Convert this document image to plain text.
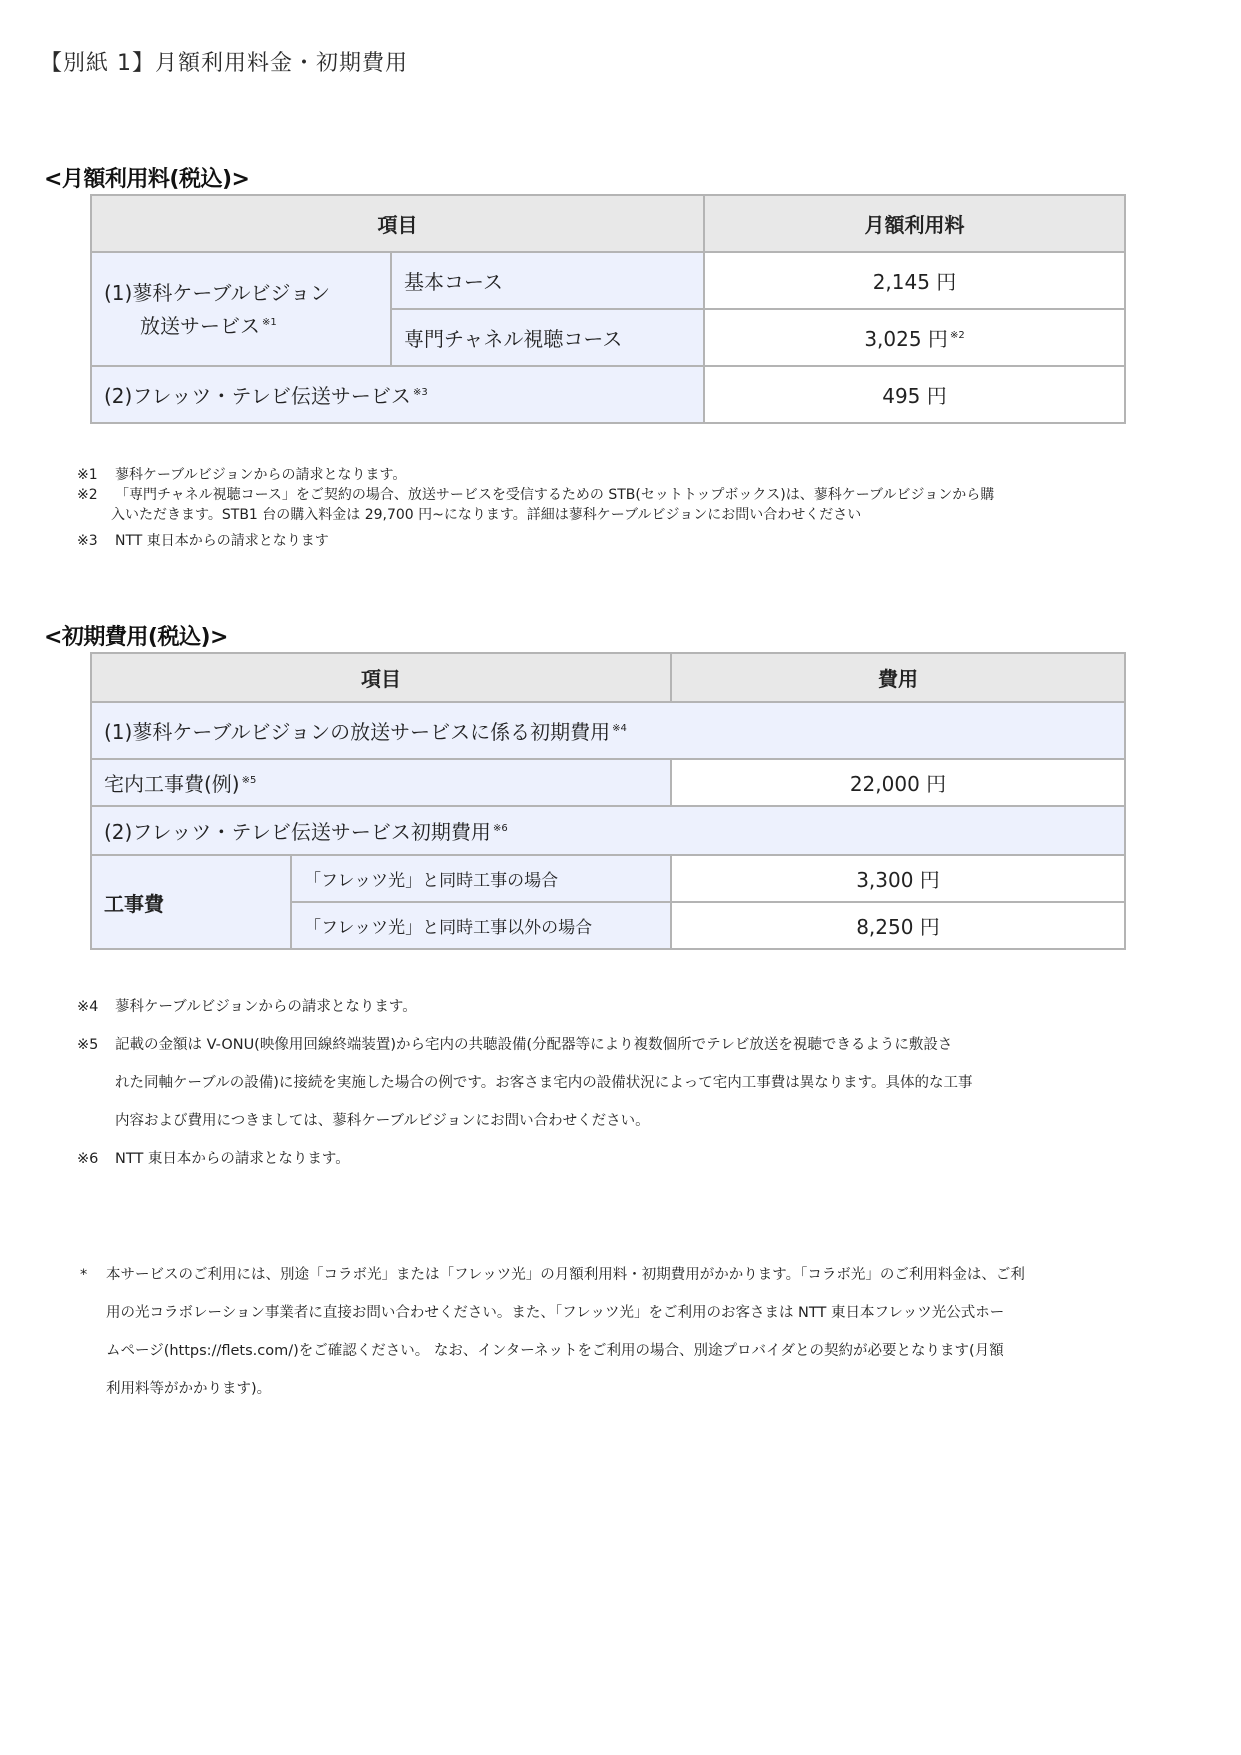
【別紙 1】月額利用料金・初期費用
<月額利用料(税込)>
項目		月額利用料

(1)蓼科ケーブルビジョン
放送サービス $^{※1}$	基本コース	2,145 円
	専門チャネル視聴コース	3,025 円 $^{※2}$
(2)フレッツ・テレビ伝送サービス $^{※3}$		495 円
※1 蓼科ケーブルビジョンからの請求となります。
※2 「専門チャネル視聴コース」をご契約の場合、放送サービスを受信するための STB(セットトップボックス)は、蓼科ケーブルビジョンから購
入いただきます。STB1 台の購入料金は 29,700 円~になります。詳細は蓼科ケーブルビジョンにお問い合わせください
※3 NTT 東日本からの請求となります
<初期費用(税込)>
項目		費用
(1)蓼科ケーブルビジョンの放送サービスに係る初期費用 $^{※4}$
宅内工事費(例) $^{※5}$		22,000 円
(2)フレッツ・テレビ伝送サービス初期費用 $^{※6}$
工事費	「フレッツ光」と同時工事の場合	3,300 円
	「フレッツ光」と同時工事以外の場合	8,250 円
※4 蓼科ケーブルビジョンからの請求となります。
※5 記載の金額は V-ONU(映像用回線終端装置)から宅内の共聴設備(分配器等により複数個所でテレビ放送を視聴できるように敷設さ
れた同軸ケーブルの設備)に接続を実施した場合の例です。お客さま宅内の設備状況によって宅内工事費は異なります。具体的な工事
内容および費用につきましては、蓼科ケーブルビジョンにお問い合わせください。
※6 NTT 東日本からの請求となります。
* 本サービスのご利用には、別途「コラボ光」または「フレッツ光」の月額利用料・初期費用がかかります。「コラボ光」のご利用料金は、ご利
用の光コラボレーション事業者に直接お問い合わせください。また、「フレッツ光」をご利用のお客さまは NTT 東日本フレッツ光公式ホー
ムページ(https://flets.com/)をご確認ください。 なお、インターネットをご利用の場合、別途プロバイダとの契約が必要となります(月額
利用料等がかかります)。
